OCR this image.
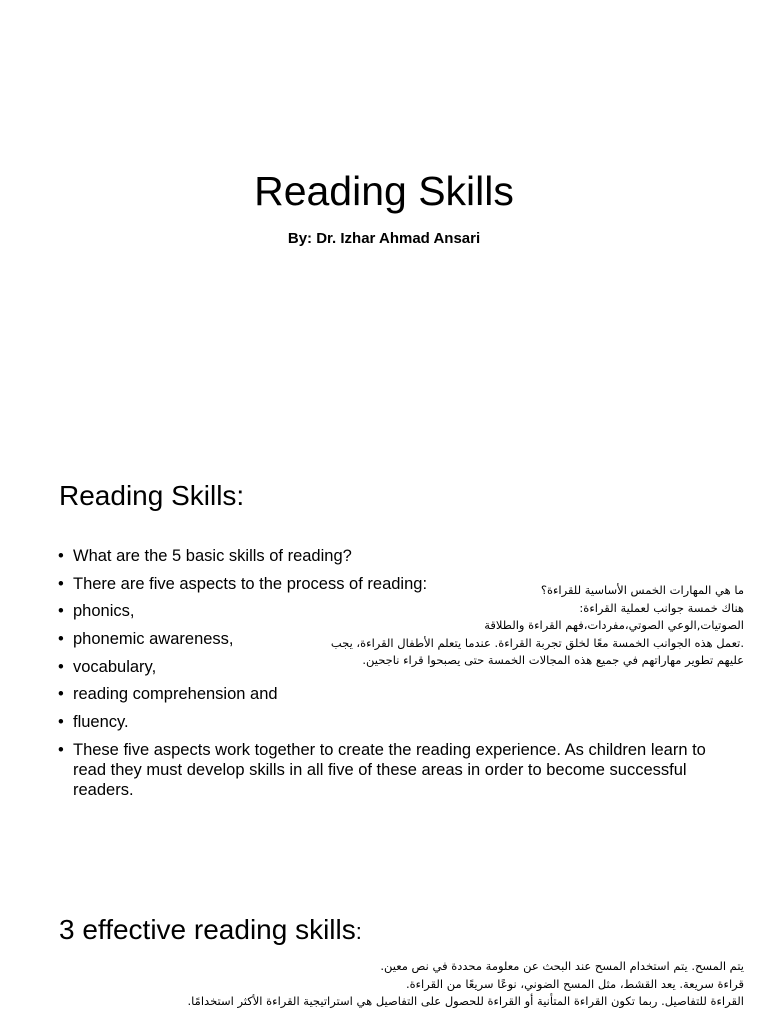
Reading Skills

By: Dr. Izhar Ahmad Ansari

Reading Skills:
• What are the 5 basic skills of reading?
• There are five aspects to the process of reading:
• phonics,
• phonemic awareness,
• vocabulary,
• reading comprehension and
• fluency.
• These five aspects work together to create the reading experience. As children learn to read they must develop skills in all five of these areas in order to become successful readers.

ما هي المهارات الخمس الأساسية للقراءة؟

هناك خمسة جوانب لعملية القراءة:

الصوتيات,الوعي الصوتي،مفردات،فهم القراءة والطلاقة

.تعمل هذه الجوانب الخمسة معًا لخلق تجربة القراءة. عندما يتعلم الأطفال القراءة، يجب

عليهم تطوير مهاراتهم في جميع هذه المجالات الخمسة حتى يصبحوا قراء ناجحين.

3 effective reading skills:

يتم المسح. يتم استخدام المسح عند البحث عن معلومة محددة في نص معين.

قراءة سريعة. يعد القشط، مثل المسح الضوني، نوعًا سريعًا من القراءة.

القراءة للتفاصيل. ربما تكون القراءة المتأنية أو القراءة للحصول على التفاصيل هي استراتيجية القراءة الأكثر استخدامًا.
